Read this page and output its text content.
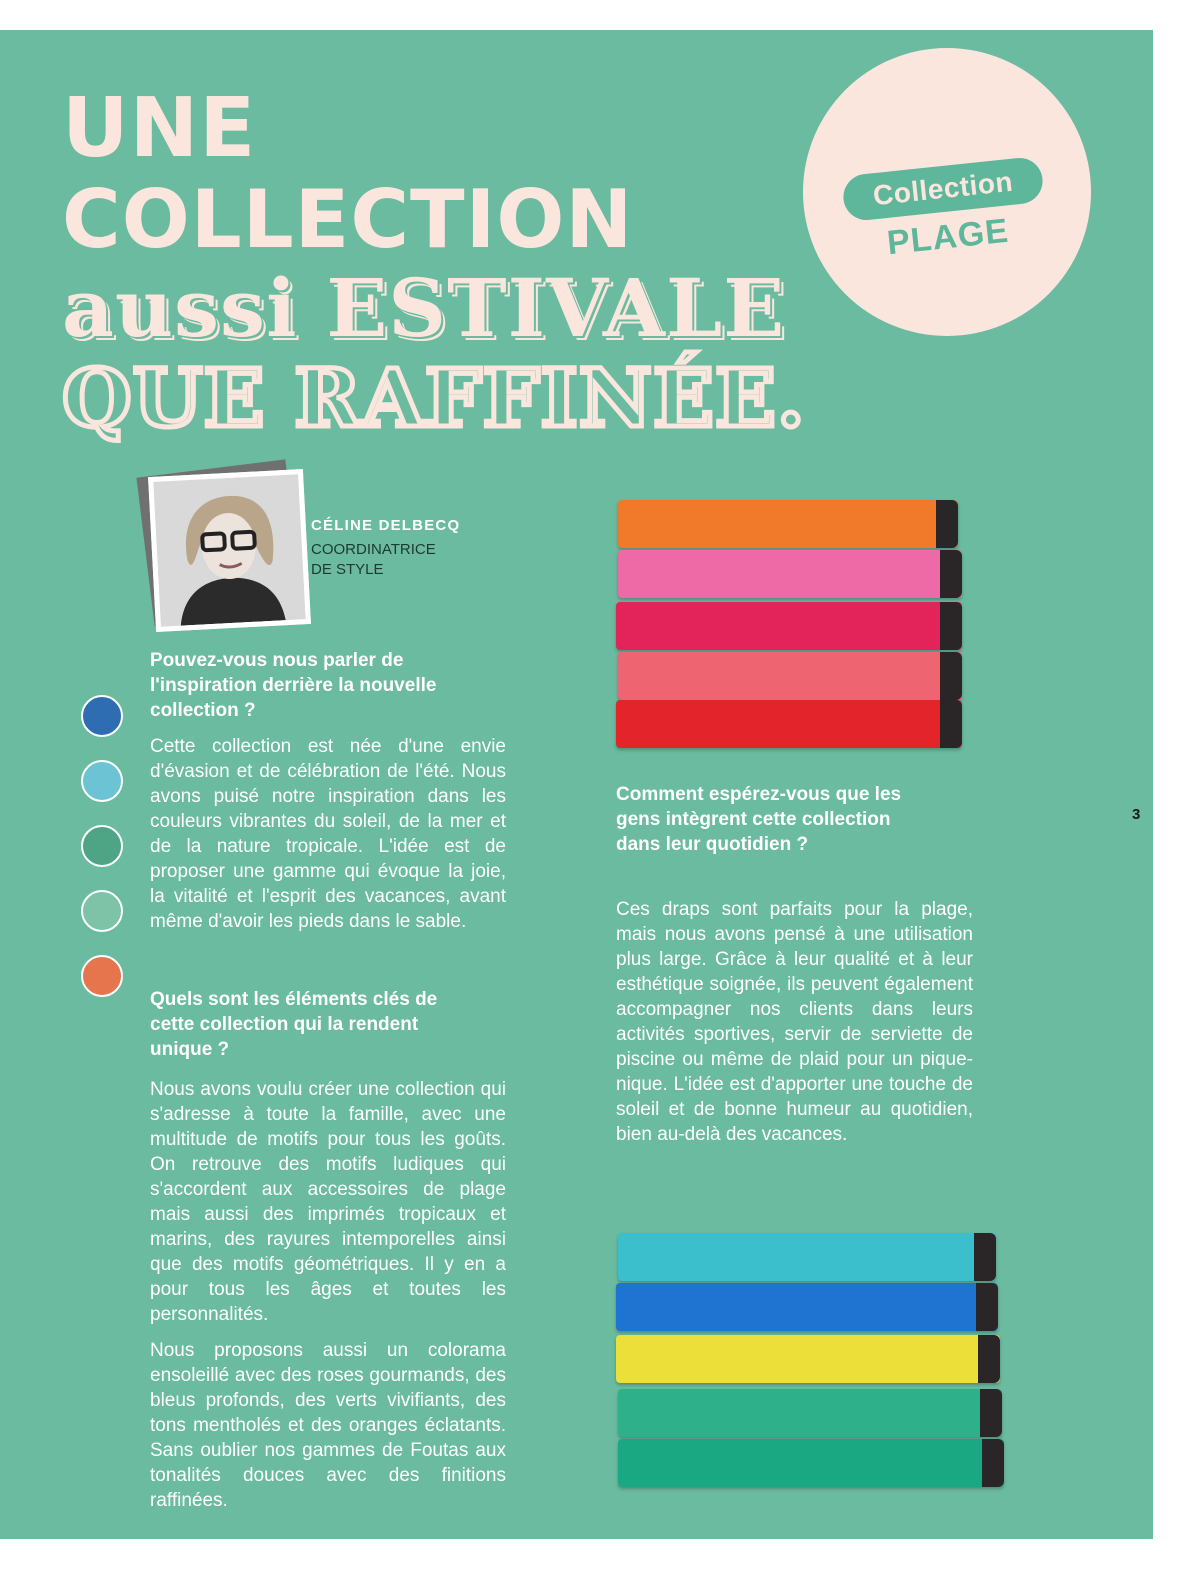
UNE
COLLECTION
aussi ESTIVALE
QUE RAFFINÉE.
Collection
PLAGE
CÉLINE DELBECQ
COORDINATRICE
DE STYLE

Pouvez-vous nous parler de l'inspiration derrière la nouvelle collection ?

Cette collection est née d'une envie d'évasion et de célébration de l'été. Nous avons puisé notre inspiration dans les couleurs vibrantes du soleil, de la mer et de la nature tropicale. L'idée est de proposer une gamme qui évoque la joie, la vitalité et l'esprit des vacances, avant même d'avoir les pieds dans le sable.

Quels sont les éléments clés de cette collection qui la rendent unique ?

Nous avons voulu créer une collection qui s'adresse à toute la famille, avec une multitude de motifs pour tous les goûts. On retrouve des motifs ludiques qui s'accordent aux accessoires de plage mais aussi des imprimés tropicaux et marins, des rayures intemporelles ainsi que des motifs géométriques. Il y en a pour tous les âges et toutes les personnalités.

Nous proposons aussi un colorama ensoleillé avec des roses gourmands, des bleus profonds, des verts vivifiants, des tons mentholés et des oranges éclatants. Sans oublier nos gammes de Foutas aux tonalités douces avec des finitions raffinées.

Comment espérez-vous que les gens intègrent cette collection dans leur quotidien ?

Ces draps sont parfaits pour la plage, mais nous avons pensé à une utilisation plus large. Grâce à leur qualité et à leur esthétique soignée, ils peuvent également accompagner nos clients dans leurs activités sportives, servir de serviette de piscine ou même de plaid pour un pique-nique. L'idée est d'apporter une touche de soleil et de bonne humeur au quotidien, bien au-delà des vacances.

3
